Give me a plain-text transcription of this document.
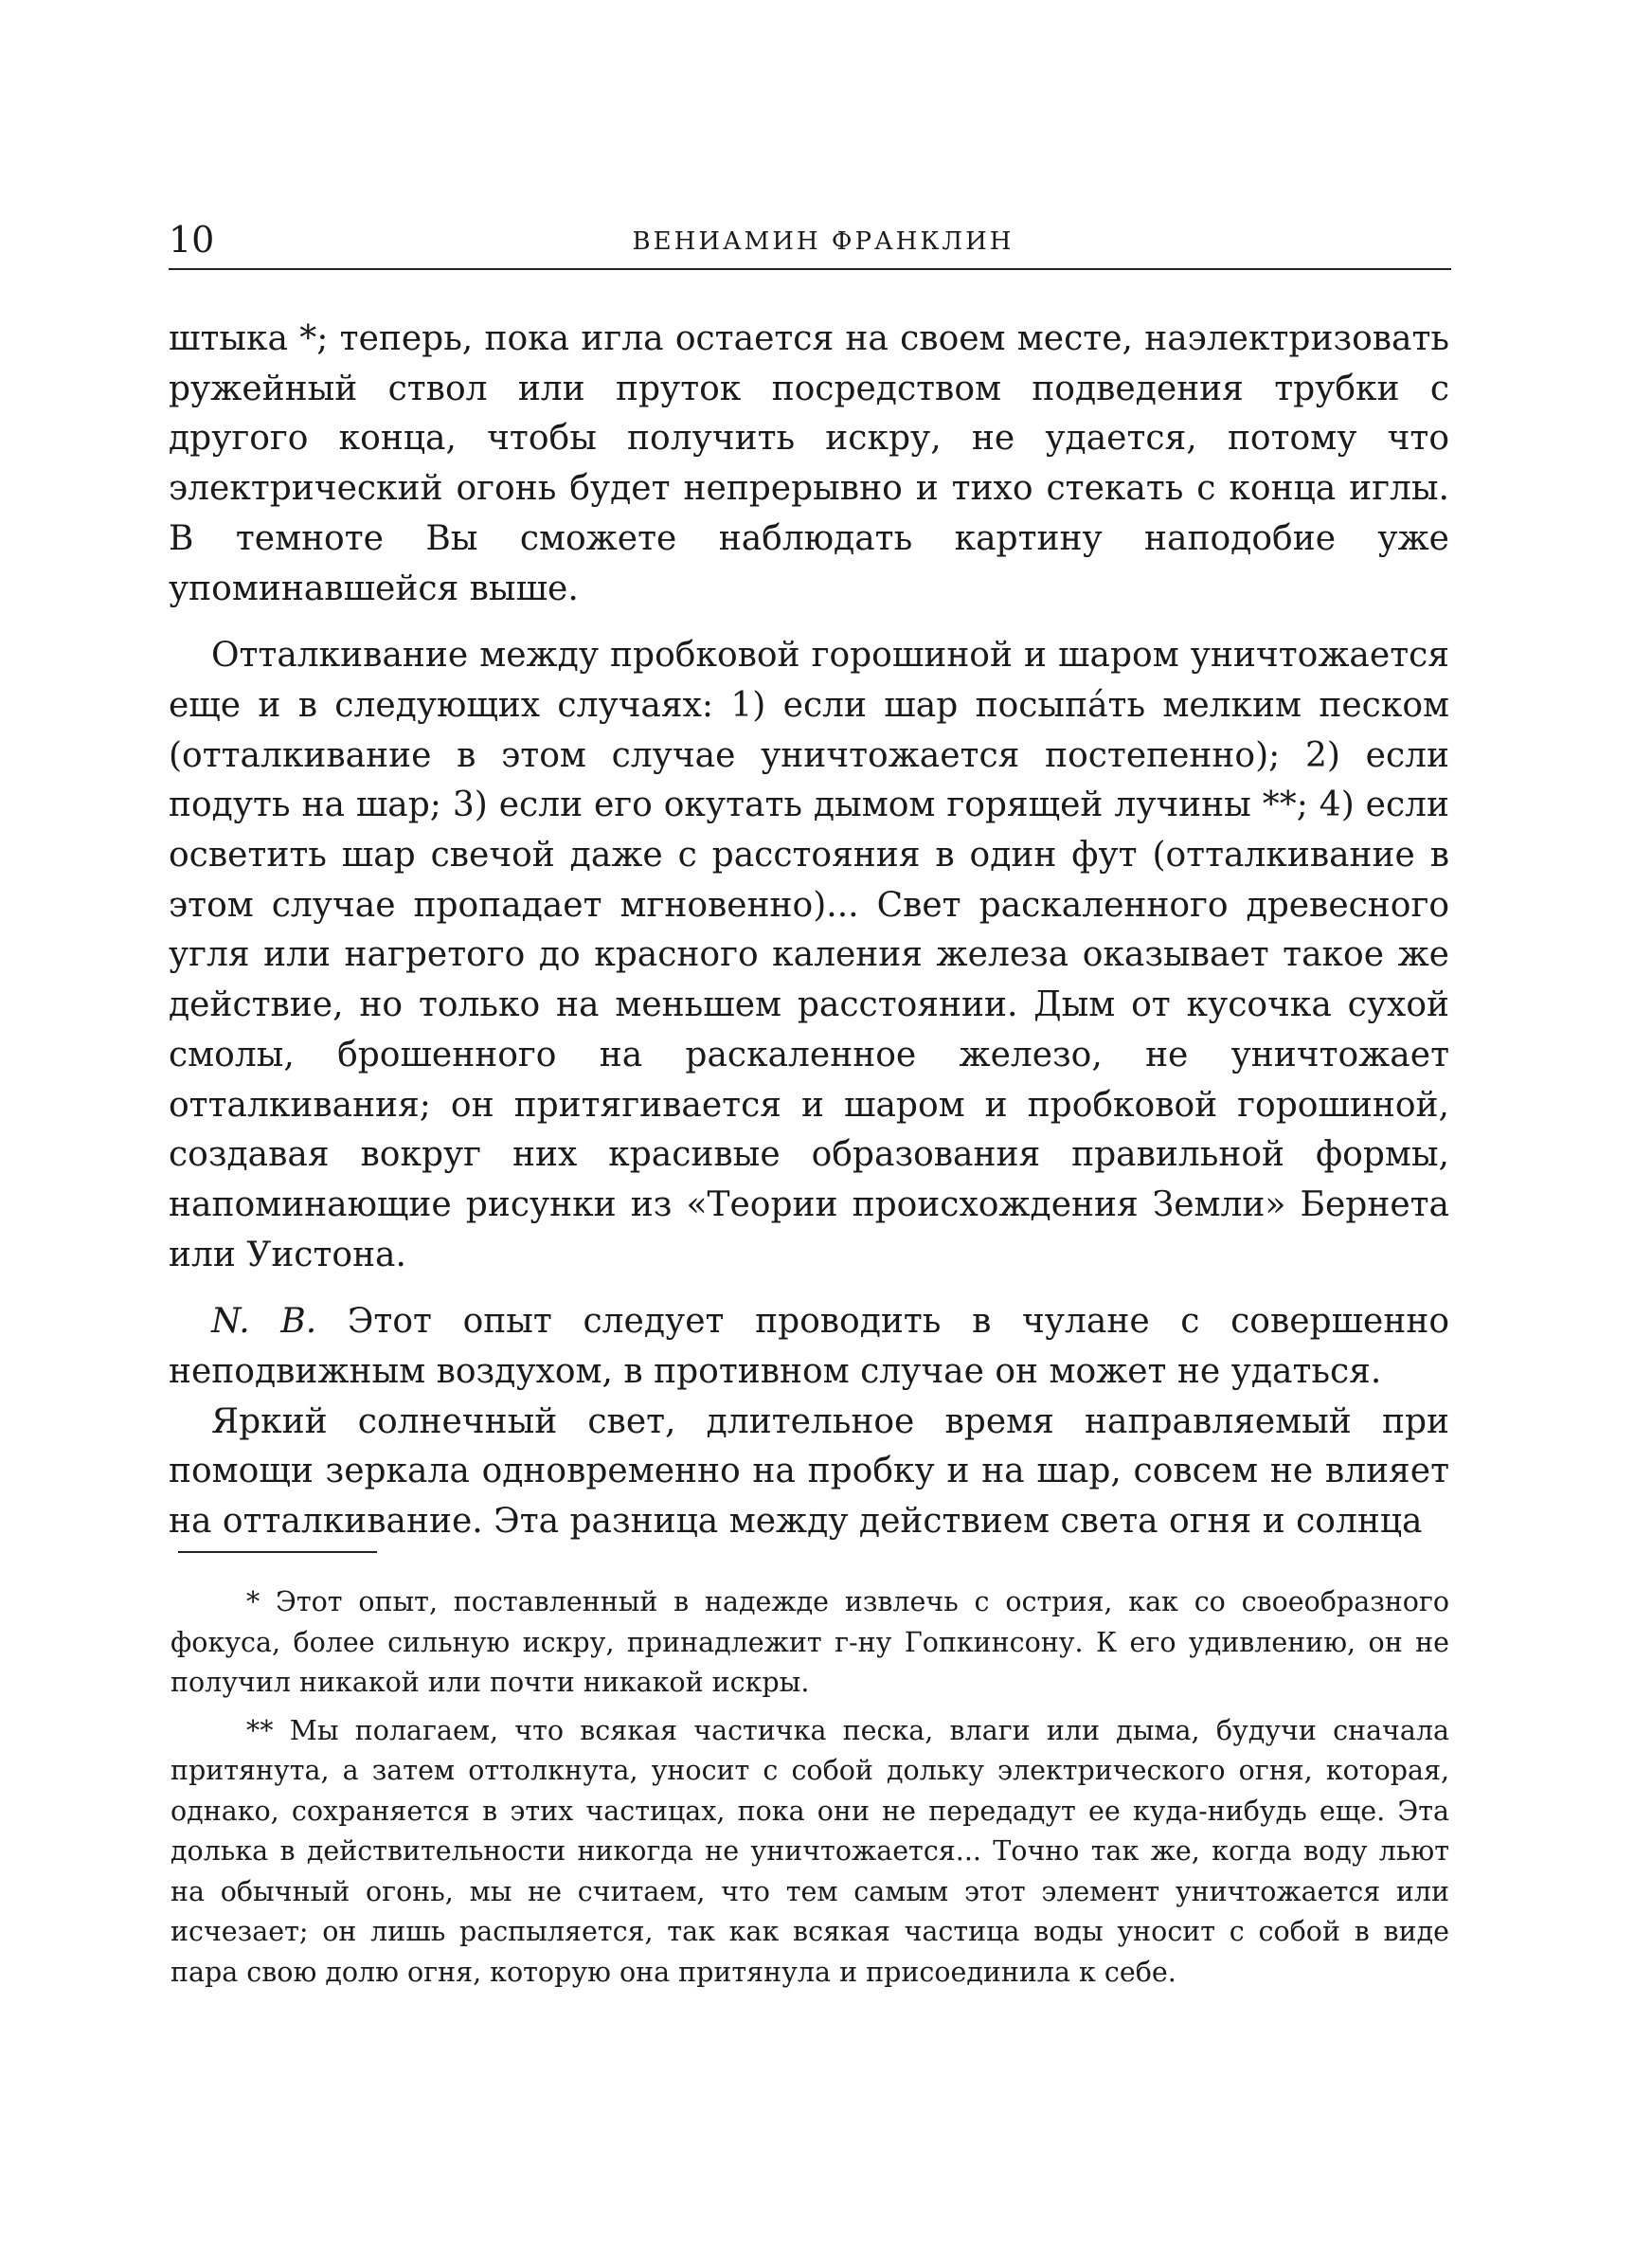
10	ВЕНИАМИН ФРАНКЛИН

штыка *; теперь, пока игла остается на своем месте, наэлектризовать ружейный ствол или пруток посредством подведения трубки с другого конца, чтобы получить искру, не удается, потому что электрический огонь будет непрерывно и тихо стекать с конца иглы. В темноте Вы сможете наблюдать картину наподобие уже упоминавшейся выше.

Отталкивание между пробковой горошиной и шаром уничтожается еще и в следующих случаях: 1) если шар посыпáть мелким песком (отталкивание в этом случае уничтожается постепенно); 2) если подуть на шар; 3) если его окутать дымом горящей лучины **; 4) если осветить шар свечой даже с расстояния в один фут (отталкивание в этом случае пропадает мгновенно)... Свет раскаленного древесного угля или нагретого до красного каления железа оказывает такое же действие, но только на меньшем расстоянии. Дым от кусочка сухой смолы, брошенного на раскаленное железо, не уничтожает отталкивания; он притягивается и шаром и пробковой горошиной, создавая вокруг них красивые образования правильной формы, напоминающие рисунки из «Теории происхождения Земли» Бернета или Уистона.

N. B. Этот опыт следует проводить в чулане с совершенно неподвижным воздухом, в противном случае он может не удаться.

Яркий солнечный свет, длительное время направляемый при помощи зеркала одновременно на пробку и на шар, совсем не влияет на отталкивание. Эта разница между действием света огня и солнца

* Этот опыт, поставленный в надежде извлечь с острия, как со своеобразного фокуса, более сильную искру, принадлежит г-ну Гопкинсону. К его удивлению, он не получил никакой или почти никакой искры.

** Мы полагаем, что всякая частичка песка, влаги или дыма, будучи сначала притянута, а затем оттолкнута, уносит с собой дольку электрического огня, которая, однако, сохраняется в этих частицах, пока они не передадут ее куда-нибудь еще. Эта долька в действительности никогда не уничтожается... Точно так же, когда воду льют на обычный огонь, мы не считаем, что тем самым этот элемент уничтожается или исчезает; он лишь распыляется, так как всякая частица воды уносит с собой в виде пара свою долю огня, которую она притянула и присоединила к себе.
